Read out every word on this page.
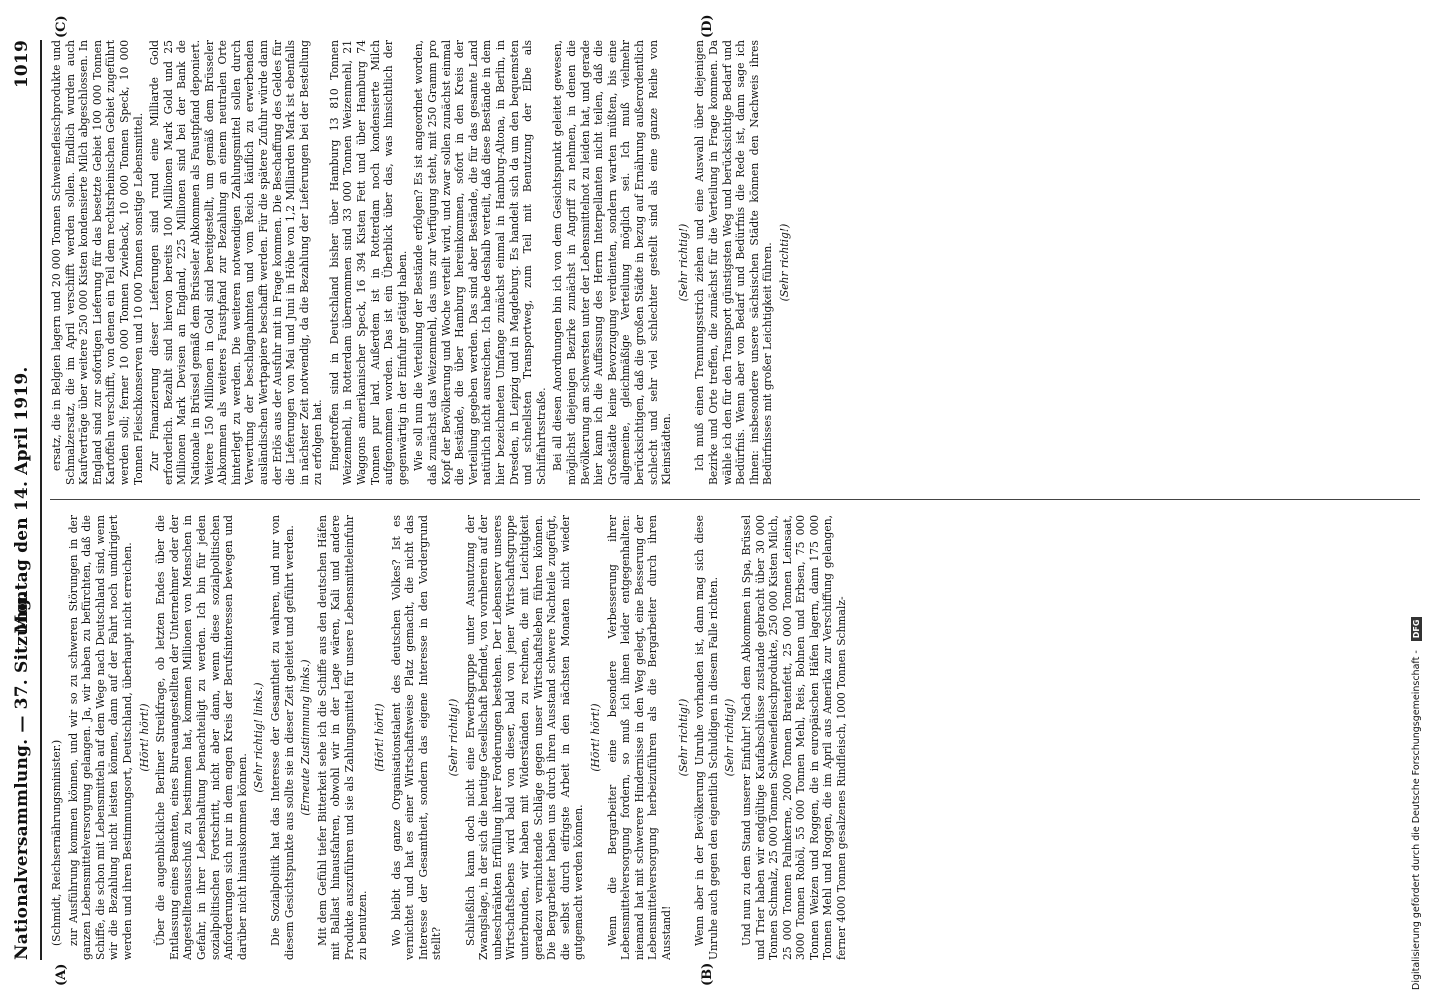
Nationalversammlung. — 37. Sitzung.
Montag den 14. April 1919.
1019
(A)	(B)
(C)	(D)

(Schmidt, Reichsernährungsminister.) zur Ausführung kommen können, und wir so zu schweren Störungen in der ganzen Lebensmittelversorgung gelangen. Ja, wir haben zu befürchten, daß die Schiffe, die schon mit Lebensmitteln auf dem Wege nach Deutschland sind, wenn wir die Bezahlung nicht leisten können, dann auf der Fahrt noch umdirigiert werden und ihren Bestimmungsort, Deutschland, überhaupt nicht erreichen. (Hört! hört!) Über die augenblickliche Berliner Streikfrage, ob letzten Endes über die Entlassung eines Beamten, eines Bureauangestellten der Unternehmer oder der Angestelltenausschuß zu bestimmen hat, kommen Millionen von Menschen in Gefahr, in ihrer Lebenshaltung benachteiligt zu werden. Ich bin für jeden sozialpolitischen Fortschritt, nicht aber dann, wenn diese sozialpolitischen Anforderungen sich nur in dem engen Kreis der Berufsinteressen bewegen und darüber nicht hinauskommen können.

(Sehr richtig! links.) Die Sozialpolitik hat das Interesse der Gesamtheit zu wahren, und nur von diesem Gesichtspunkte aus sollte sie in dieser Zeit geleitet und geführt werden. (Erneute Zustimmung links.) Mit dem Gefühl tiefer Bitterkeit sehe ich die Schiffe aus den deutschen Häfen mit Ballast hinausfahren, obwohl wir in der Lage wären, Kali und andere Produkte auszuführen und sie als Zahlungsmittel für unsere Lebensmitteleinfuhr zu benutzen.

(Hört! hört!) Wo bleibt das ganze Organisationstalent des deutschen Volkes? Ist es vernichtet und hat es einer Wirtschaftsweise Platz gemacht, die nicht das Interesse der Gesamtheit, sondern das eigene Interesse in den Vordergrund stellt?

(Sehr richtig!) Schließlich kann doch nicht eine Erwerbsgruppe unter Ausnutzung der Zwangslage, in der sich die heutige Gesellschaft befindet, von vornherein auf der unbeschränkten Erfüllung ihrer Forderungen bestehen. Der Lebensnerv unseres Wirtschaftslebens wird bald von dieser, bald von jener Wirtschaftsgruppe unterbunden, wir haben mit Widerständen zu rechnen, die mit Leichtigkeit geradezu vernichtende Schläge gegen unser Wirtschaftsleben führen können. Die Bergarbeiter haben uns durch ihren Ausstand schwere Nachteile zugefügt, die selbst durch eifrigste Arbeit in den nächsten Monaten nicht wieder gutgemacht werden können.

(Hört! hört!) Wenn die Bergarbeiter eine besondere Verbesserung ihrer Lebensmittelversorgung fordern, so muß ich ihnen leider entgegenhalten: niemand hat mit schwerere Hindernisse in den Weg gelegt, eine Besserung der Lebensmittelversorgung herbeizuführen als die Bergarbeiter durch ihren Ausstand!

(Sehr richtig!) Wenn aber in der Bevölkerung Unruhe vorhanden ist, dann mag sich diese Unruhe auch gegen den eigentlich Schuldigen in diesem Falle richten. (Sehr richtig!) Und nun zu dem Stand unserer Einfuhr! Nach dem Abkommen in Spa, Brüssel und Trier haben wir endgültige Kaufabschlüsse zustande gebracht über 30 000 Tonnen Schmalz, 25 000 Tonnen Schweinefleischprodukte, 250 000 Kisten Milch, 25 000 Tonnen Palmkerne, 2000 Tonnen Bratenfett, 25 000 Tonnen Leinsaat, 3000 Tonnen Rohöl, 55 000 Tonnen Mehl, Reis, Bohnen und Erbsen, 75 000 Tonnen Weizen und Roggen, die in europäischen Häfen lagern, dann 175 000 Tonnen Mehl und Roggen, die im April aus Amerika zur Verschiffung gelangen, ferner 4000 Tonnen gesalzenes Rindfleisch, 1000 Tonnen Schmalz-

ersatz, die in Belgien lagern und 20 000 Tonnen Schweinefleischprodukte und Schmalzersatz, die im April verschifft werden sollen. Endlich wurden auch Kaufverträge über weitere 250 000 Kisten kondensierte Milch abgeschlossen. In England sind zur sofortigen Lieferung für das besetzte Gebiet 100 000 Tonnen Kartoffeln verschifft, von denen ein Teil dem rechtsrheinischen Gebiet zugeführt werden soll; ferner 10 000 Tonnen Zwieback, 10 000 Tonnen Speck, 10 000 Tonnen Fleischkonserven und 10 000 Tonnen sonstige Lebensmittel. Zur Finanzierung dieser Lieferungen sind rund eine Milliarde Gold erforderlich. Bezahlt sind hiervon bereits 100 Millionen Mark Gold und 25 Millionen Mark Devisen an England, 225 Millionen sind bei der Bank de Nationale in Brüssel gemäß dem Brüsseler Abkommen als Faustpfand deponiert. Weitere 150 Millionen in Gold sind bereitgestellt, um gemäß dem Brüsseler Abkommen als weiteres Faustpfand zur Bezahlung an einem neutralen Orte hinterlegt zu werden. Die weiteren notwendigen Zahlungsmittel sollen durch Verwertung der beschlagnahmten und vom Reich käuflich zu erwerbenden ausländischen Wertpapiere beschafft werden. Für die spätere Zufuhr würde dann der Erlös aus der Ausfuhr mit in Frage kommen. Die Beschaffung des Geldes für die Lieferungen von Mai und Juni in Höhe von 1,2 Milliarden Mark ist ebenfalls in nächster Zeit notwendig, da die Bezahlung der Lieferungen bei der Bestellung zu erfolgen hat. Eingetroffen sind in Deutschland bisher über Hamburg 13 810 Tonnen Weizenmehl, in Rotterdam übernommen sind 33 000 Tonnen Weizenmehl, 21 Waggons amerikanischer Speck, 16 394 Kisten Fett und über Hamburg 74 Tonnen pur lard. Außerdem ist in Rotterdam noch kondensierte Milch aufgenommen worden. Das ist ein Überblick über das, was hinsichtlich der gegenwärtig in der Einfuhr getätigt haben. Wie soll nun die Verteilung der Bestände erfolgen? Es ist angeordnet worden, daß zunächst das Weizenmehl, das uns zur Verfügung steht, mit 250 Gramm pro Kopf der Bevölkerung und Woche verteilt wird, und zwar sollen zunächst einmal die Bestände, die über Hamburg hereinkommen, sofort in den Kreis der Verteilung gegeben werden. Das sind aber Bestände, die für das gesamte Land natürlich nicht ausreichen. Ich habe deshalb verteilt, daß diese Bestände in dem hier bezeichneten Umfange zunächst einmal in Hamburg-Altona, in Berlin, in Dresden, in Leipzig und in Magdeburg. Es handelt sich da um den bequemsten und schnellsten Transportweg, zum Teil mit Benutzung der Elbe als Schiffahrtsstraße. Bei all diesen Anordnungen bin ich von dem Gesichtspunkt geleitet gewesen, möglichst diejenigen Bezirke zunächst in Angriff zu nehmen, in denen die Bevölkerung am schwersten unter der Lebensmittelnot zu leiden hat, und gerade hier kann ich die Auffassung des Herrn Interpellanten nicht teilen, daß die Großstädte keine Bevorzugung verdienten, sondern warten müßten, bis eine allgemeine, gleichmäßige Verteilung möglich sei. Ich muß vielmehr berücksichtigen, daß die großen Städte in bezug auf Ernährung außerordentlich schlecht und sehr viel schlechter gestellt sind als eine ganze Reihe von Kleinstädten.

(Sehr richtig!) Ich muß einen Trennungsstrich ziehen und eine Auswahl über diejenigen Bezirke und Orte treffen, die zunächst für die Verteilung in Frage kommen. Da wähle ich den für den Transport günstigsten Weg und berücksichtige Bedarf und Bedürfnis. Wenn aber von Bedarf und Bedürfnis die Rede ist, dann sage ich Ihnen: insbesondere unsere sächsischen Städte können den Nachweis ihres Bedürfnisses mit großer Leichtigkeit führen. (Sehr richtig!)
Digitalisierung gefördert durch die Deutsche Forschungsgemeinschaft - DFG
